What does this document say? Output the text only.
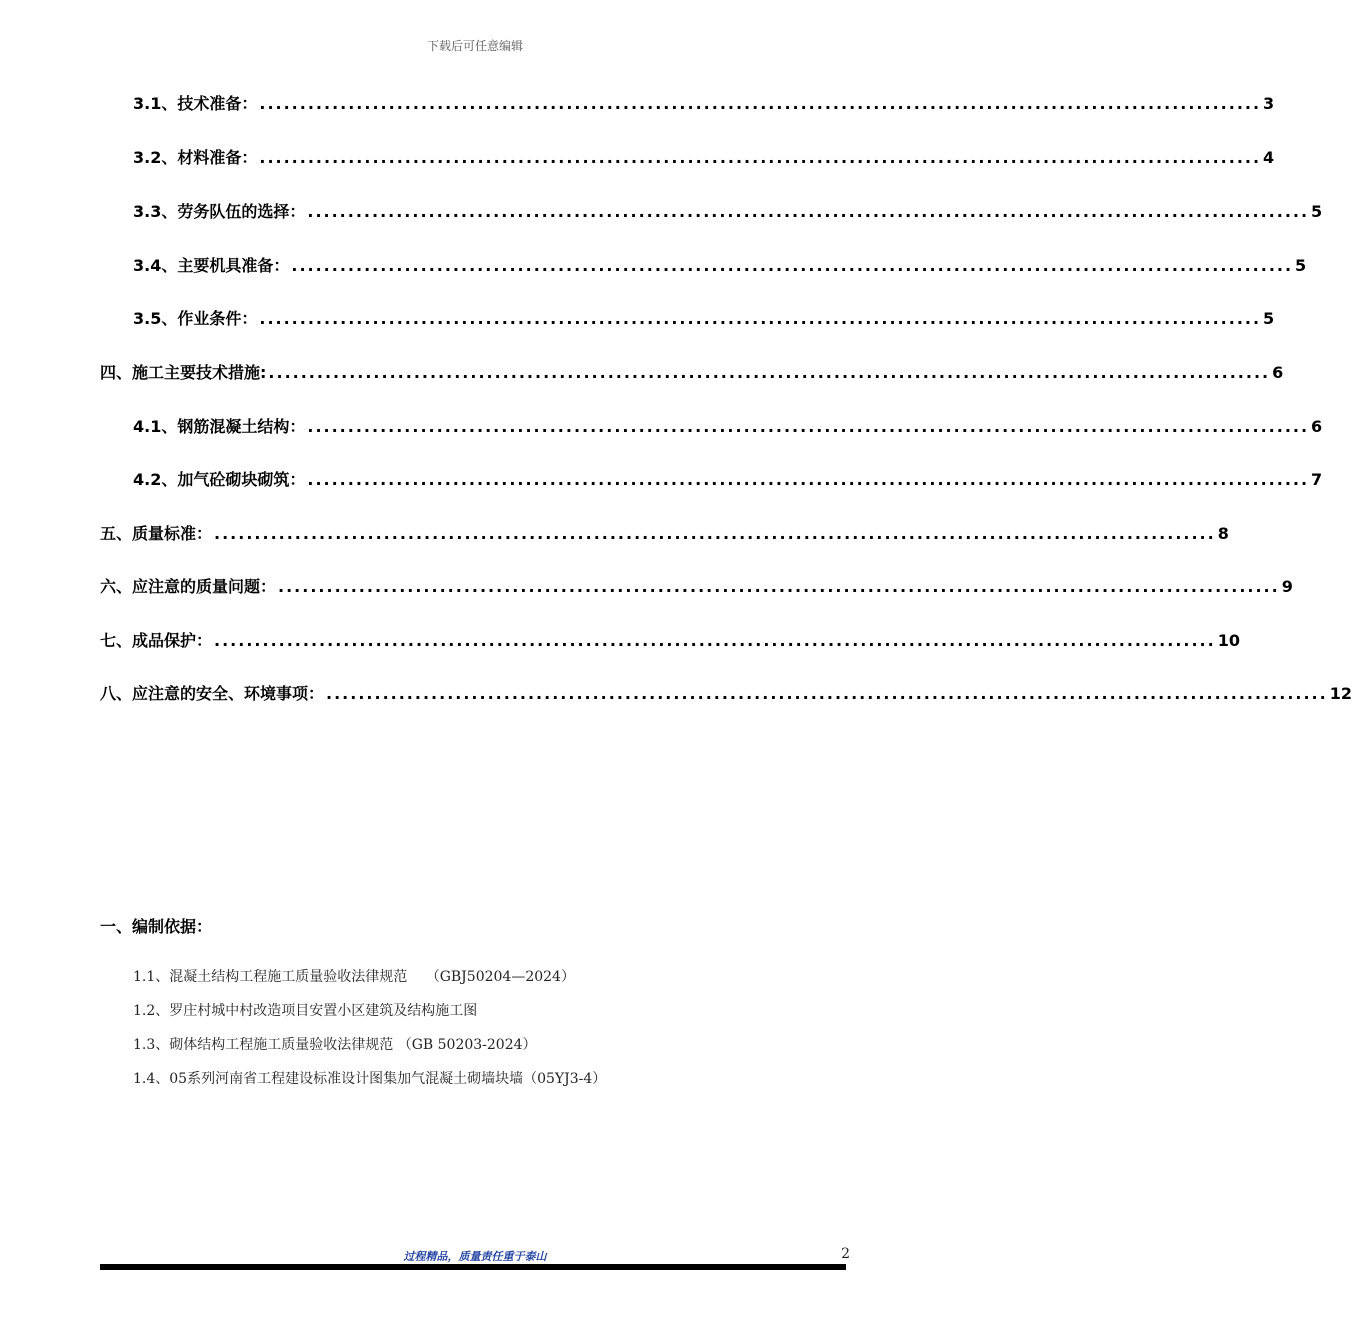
下载后可任意编辑
3.1、技术准备： ............................................................................................................................ 3
3.2、材料准备： ............................................................................................................................ 4
3.3、劳务队伍的选择： ............................................................................................................................ 5
3.4、主要机具准备： ............................................................................................................................ 5
3.5、作业条件： ............................................................................................................................ 5
四、施工主要技术措施: ............................................................................................................................ 6
4.1、钢筋混凝土结构： ............................................................................................................................ 6
4.2、加气砼砌块砌筑： ............................................................................................................................ 7
五、质量标准： ............................................................................................................................ 8
六、应注意的质量问题： ............................................................................................................................ 9
七、成品保护： ............................................................................................................................ 10
八、应注意的安全、环境事项： ............................................................................................................................ 12
一、编制依据：
1.1、混凝土结构工程施工质量验收法律规范　 （GBJ50204—2024）
1.2、罗庄村城中村改造项目安置小区建筑及结构施工图
1.3、砌体结构工程施工质量验收法律规范 （GB 50203-2024）
1.4、05系列河南省工程建设标准设计图集加气混凝土砌墙块墙（05YJ3-4）
过程精品，质量责任重于泰山	2
